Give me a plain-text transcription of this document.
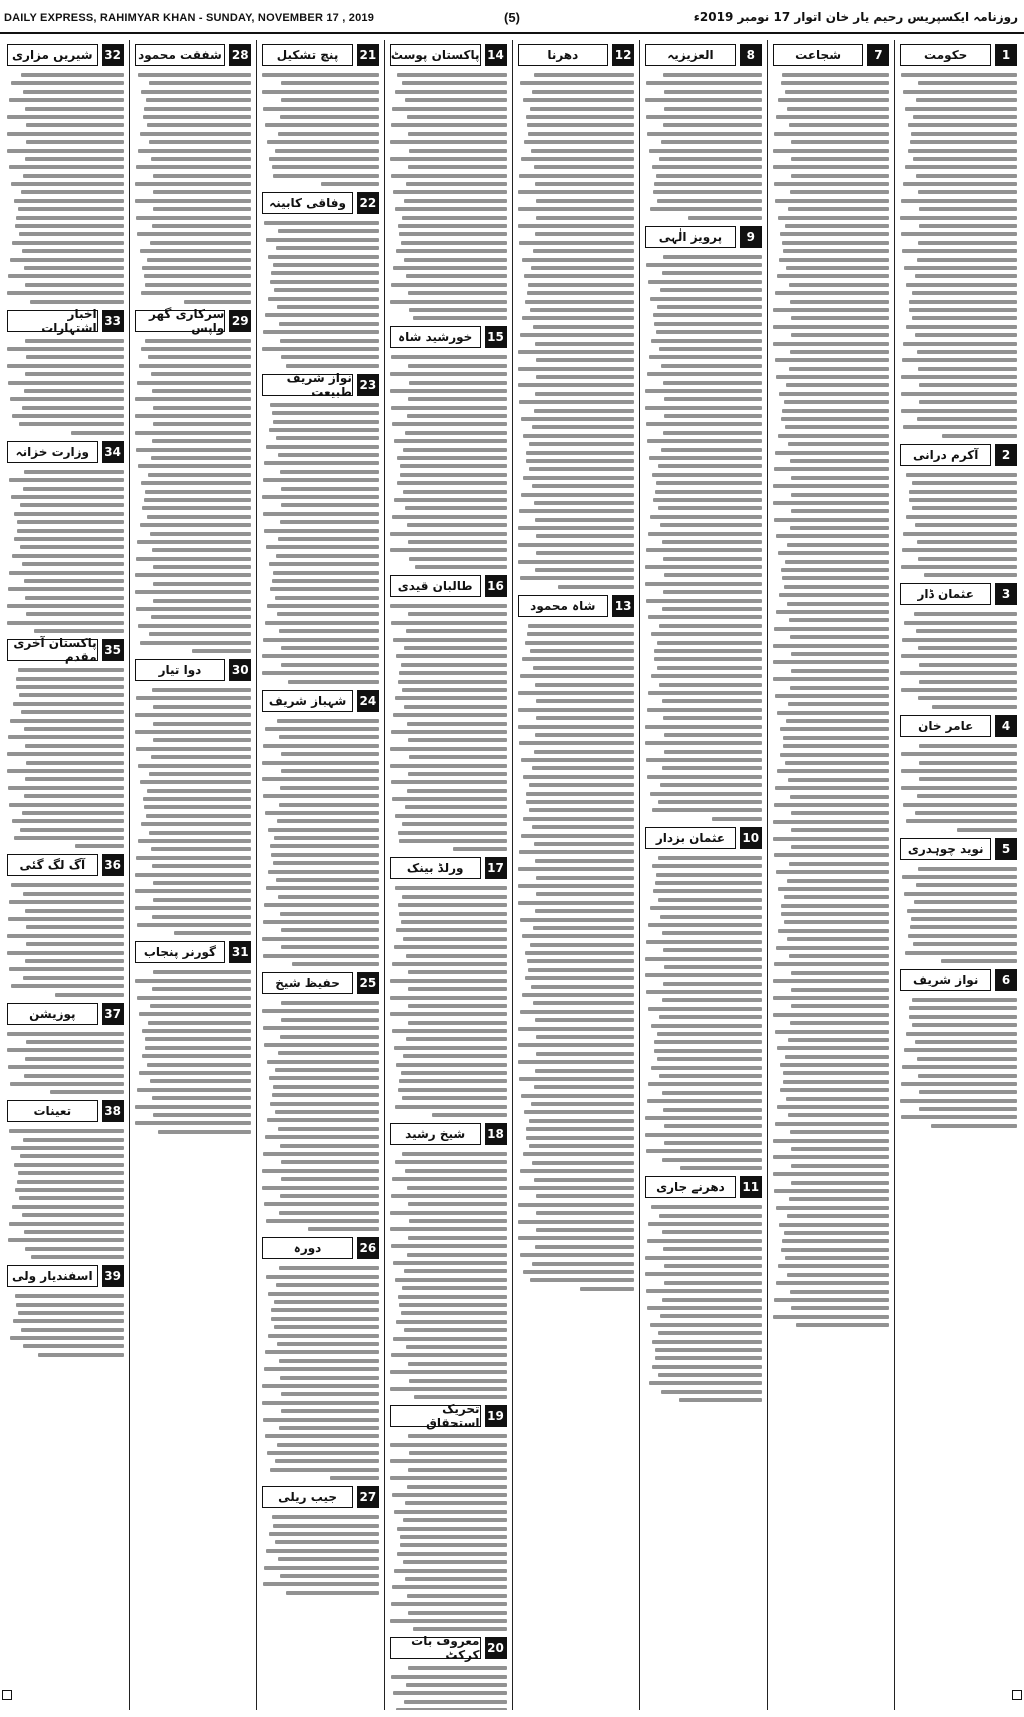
DAILY EXPRESS, RAHIMYAR KHAN - SUNDAY, NOVEMBER 17 , 2019	(5)	روزنامہ ایکسپریس رحیم یار خان اتوار 17 نومبر 2019ء
1
حکومت
2
آکرم درانی
3
عثمان ڈار
4
عامر خان
5
نوید چوہدری
6
نواز شریف
7
شجاعت
8
العزیزیہ
9
پرویز الٰہی
10
عثمان بزدار
11
دھرنے جاری
12
دھرنا
13
شاہ محمود
14
پاکستان پوسٹ
15
خورشید شاہ
16
طالبان قیدی
17
ورلڈ بینک
18
شیخ رشید
19
تحریک استحقاق
20
معروف بات کرکٹ
21
پنچ تشکیل
22
وفاقی کابینہ
23
نواز شریف طبیعت
24
شہباز شریف
25
حفیظ شیخ
26
دورہ
27
جیب ریلی
28
شفقت محمود
29
سرکاری گھر واپس
30
دوا تیار
31
گورنر پنجاب
32
شیریں مزاری
33
اخبار اشتہارات
34
وزارت خزانہ
35
پاکستان آخری مقدم
36
آگ لگ گئی
37
پوزیشن
38
تعینات
39
اسفندیار ولی
